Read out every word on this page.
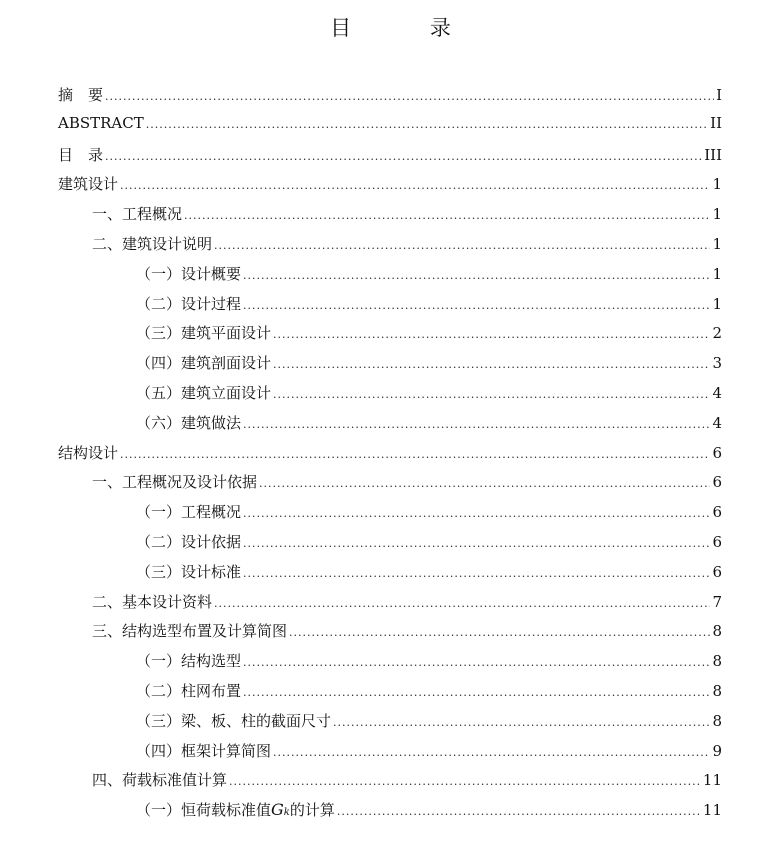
目 录
摘　要 .....	I
ABSTRACT .....	II
目　录 .....	III
建筑设计 .....	1
一、工程概况 .....	1
二、建筑设计说明 .....	1
（一）设计概要 .....	1
（二）设计过程 .....	1
（三）建筑平面设计 .....	2
（四）建筑剖面设计 .....	3
（五）建筑立面设计 .....	4
（六）建筑做法 .....	4
结构设计 .....	6
一、工程概况及设计依据 .....	6
（一）工程概况 .....	6
（二）设计依据 .....	6
（三）设计标准 .....	6
二、基本设计资料 .....	7
三、结构选型布置及计算简图 .....	8
（一）结构选型 .....	8
（二）柱网布置 .....	8
（三）梁、板、柱的截面尺寸 .....	8
（四）框架计算简图 .....	9
四、荷载标准值计算 .....	11
（一）恒荷载标准值 G k 的计算 .....	11
